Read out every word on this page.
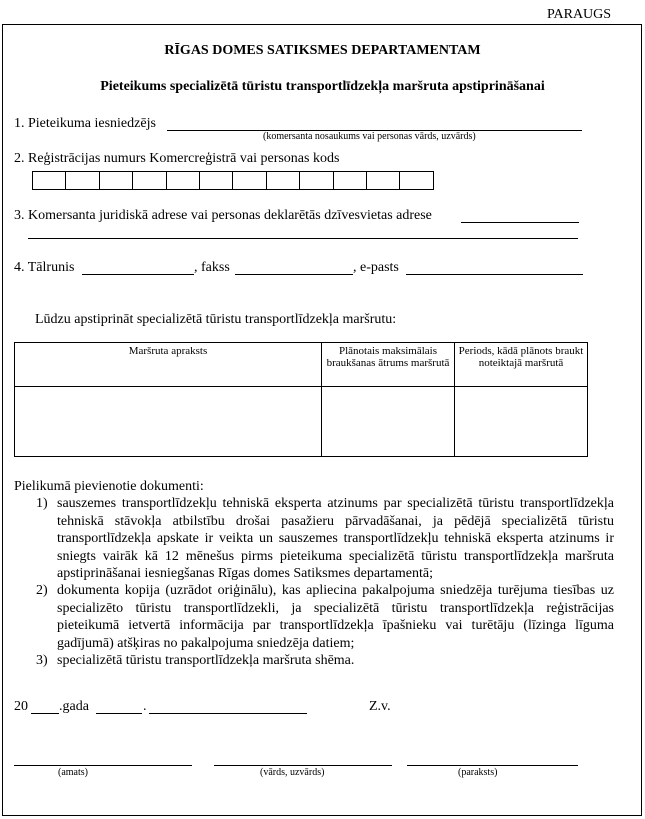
PARAUGS
RĪGAS DOMES SATIKSMES DEPARTAMENTAM
Pieteikums specializētā tūristu transportlīdzekļa maršruta apstiprināšanai
1. Pieteikuma iesniedzējs
(komersanta nosaukums vai personas vārds, uzvārds)
2. Reģistrācijas numurs Komercreģistrā vai personas kods
3. Komersanta juridiskā adrese vai personas deklarētās dzīvesvietas adrese
4. Tālrunis	, fakss	, e-pasts
Lūdzu apstiprināt specializētā tūristu transportlīdzekļa maršrutu:
Maršruta apraksts	Plānotais maksimālais braukšanas ātrums maršrutā	Periods, kādā plānots braukt noteiktajā maršrutā

Pielikumā pievienotie dokumenti:
1) sauszemes transportlīdzekļu tehniskā eksperta atzinums par specializētā tūristu transportlīdzekļa tehniskā stāvokļa atbilstību drošai pasažieru pārvadāšanai, ja pēdējā specializētā tūristu transportlīdzekļa apskate ir veikta un sauszemes transportlīdzekļu tehniskā eksperta atzinums ir sniegts vairāk kā 12 mēnešus pirms pieteikuma specializētā tūristu transportlīdzekļa maršruta apstiprināšanai iesniegšanas Rīgas domes Satiksmes departamentā;
2) dokumenta kopija (uzrādot oriģinālu), kas apliecina pakalpojuma sniedzēja turējuma tiesības uz specializēto tūristu transportlīdzekli, ja specializētā tūristu transportlīdzekļa reģistrācijas pieteikumā ietvertā informācija par transportlīdzekļa īpašnieku vai turētāju (līzinga līguma gadījumā) atšķiras no pakalpojuma sniedzēja datiem;
3) specializētā tūristu transportlīdzekļa maršruta shēma.
20 .gada	.	Z.v.
(amats)	(vārds, uzvārds)	(paraksts)
